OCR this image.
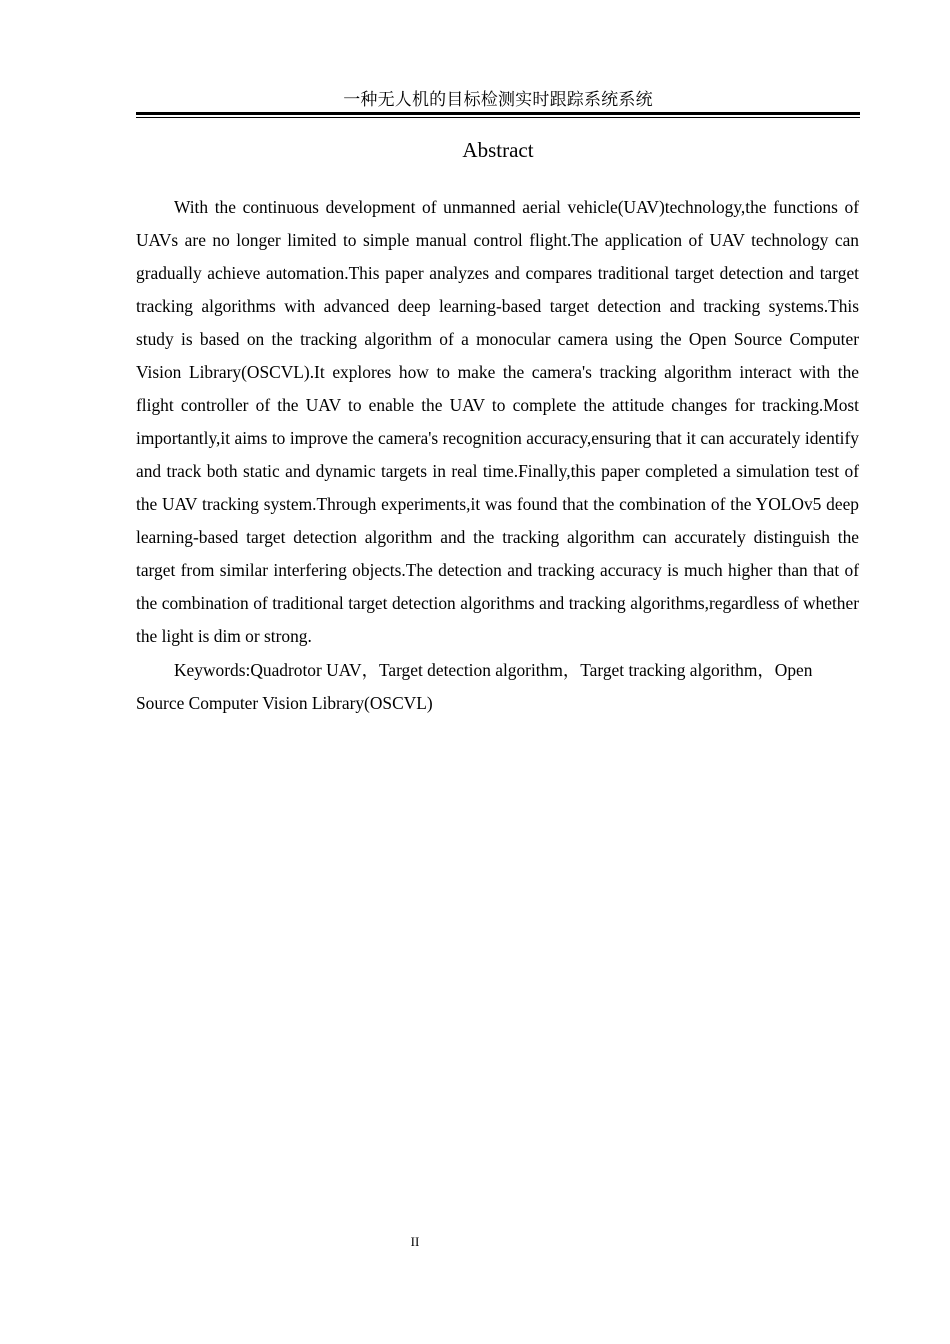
一种无人机的目标检测实时跟踪系统系统
Abstract

With the continuous development of unmanned aerial vehicle(UAV)technology,the functions of UAVs are no longer limited to simple manual control flight.The application of UAV technology can gradually achieve automation.This paper analyzes and compares traditional target detection and target tracking algorithms with advanced deep learning-based target detection and tracking systems.This study is based on the tracking algorithm of a monocular camera using the Open Source Computer Vision Library(OSCVL).It explores how to make the camera's tracking algorithm interact with the flight controller of the UAV to enable the UAV to complete the attitude changes for tracking.Most importantly,it aims to improve the camera's recognition accuracy,ensuring that it can accurately identify and track both static and dynamic targets in real time.Finally,this paper completed a simulation test of the UAV tracking system.Through experiments,it was found that the combination of the YOLOv5 deep learning-based target detection algorithm and the tracking algorithm can accurately distinguish the target from similar interfering objects.The detection and tracking accuracy is much higher than that of the combination of traditional target detection algorithms and tracking algorithms,regardless of whether the light is dim or strong.

Keywords:Quadrotor UAV，Target detection algorithm，Target tracking algorithm，Open Source Computer Vision Library(OSCVL)

II
